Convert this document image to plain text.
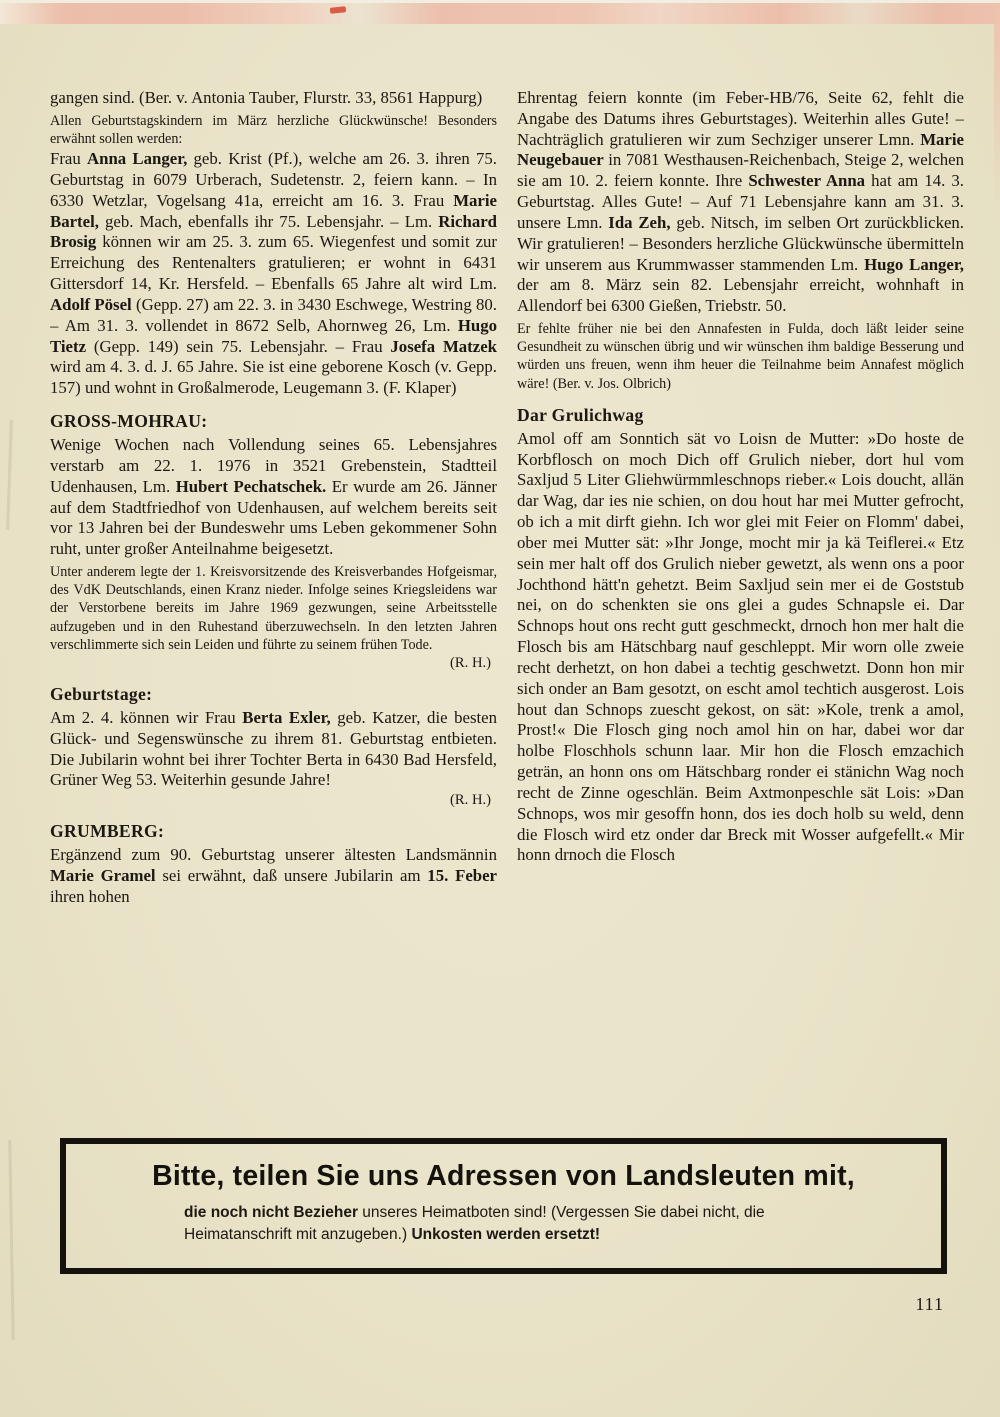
gangen sind. (Ber. v. Antonia Tauber, Flurstr. 33, 8561 Happurg)

Allen Geburtstagskindern im März herzliche Glückwünsche! Besonders erwähnt sollen werden:

Frau Anna Langer, geb. Krist (Pf.), welche am 26. 3. ihren 75. Geburtstag in 6079 Urberach, Sudetenstr. 2, feiern kann. – In 6330 Wetzlar, Vogelsang 41a, erreicht am 16. 3. Frau Marie Bartel, geb. Mach, ebenfalls ihr 75. Lebensjahr. – Lm. Richard Brosig können wir am 25. 3. zum 65. Wiegenfest und somit zur Erreichung des Rentenalters gratulieren; er wohnt in 6431 Gittersdorf 14, Kr. Hersfeld. – Ebenfalls 65 Jahre alt wird Lm. Adolf Pösel (Gepp. 27) am 22. 3. in 3430 Eschwege, Westring 80. – Am 31. 3. vollendet in 8672 Selb, Ahornweg 26, Lm. Hugo Tietz (Gepp. 149) sein 75. Lebensjahr. – Frau Josefa Matzek wird am 4. 3. d. J. 65 Jahre. Sie ist eine geborene Kosch (v. Gepp. 157) und wohnt in Großalmerode, Leugemann 3. (F. Klaper)

GROSS-MOHRAU:

Wenige Wochen nach Vollendung seines 65. Lebensjahres verstarb am 22. 1. 1976 in 3521 Grebenstein, Stadtteil Udenhausen, Lm. Hubert Pechatschek. Er wurde am 26. Jänner auf dem Stadtfriedhof von Udenhausen, auf welchem bereits seit vor 13 Jahren bei der Bundeswehr ums Leben gekommener Sohn ruht, unter großer Anteilnahme beigesetzt.

Unter anderem legte der 1. Kreisvorsitzende des Kreisverbandes Hofgeismar, des VdK Deutschlands, einen Kranz nieder. Infolge seines Kriegsleidens war der Verstorbene bereits im Jahre 1969 gezwungen, seine Arbeitsstelle aufzugeben und in den Ruhestand überzuwechseln. In den letzten Jahren verschlimmerte sich sein Leiden und führte zu seinem frühen Tode.

(R. H.)

Geburtstage:

Am 2. 4. können wir Frau Berta Exler, geb. Katzer, die besten Glück- und Segenswünsche zu ihrem 81. Geburtstag entbieten. Die Jubilarin wohnt bei ihrer Tochter Berta in 6430 Bad Hersfeld, Grüner Weg 53. Weiterhin gesunde Jahre!

(R. H.)

GRUMBERG:

Ergänzend zum 90. Geburtstag unserer ältesten Landsmännin Marie Gramel sei erwähnt, daß unsere Jubilarin am 15. Feber ihren hohen

Ehrentag feiern konnte (im Feber-HB/76, Seite 62, fehlt die Angabe des Datums ihres Geburtstages). Weiterhin alles Gute! – Nachträglich gratulieren wir zum Sechziger unserer Lmn. Marie Neugebauer in 7081 Westhausen-Reichenbach, Steige 2, welchen sie am 10. 2. feiern konnte. Ihre Schwester Anna hat am 14. 3. Geburtstag. Alles Gute! – Auf 71 Lebensjahre kann am 31. 3. unsere Lmn. Ida Zeh, geb. Nitsch, im selben Ort zurückblicken. Wir gratulieren! – Besonders herzliche Glückwünsche übermitteln wir unserem aus Krummwasser stammenden Lm. Hugo Langer, der am 8. März sein 82. Lebensjahr erreicht, wohnhaft in Allendorf bei 6300 Gießen, Triebstr. 50.

Er fehlte früher nie bei den Annafesten in Fulda, doch läßt leider seine Gesundheit zu wünschen übrig und wir wünschen ihm baldige Besserung und würden uns freuen, wenn ihm heuer die Teilnahme beim Annafest möglich wäre! (Ber. v. Jos. Olbrich)

Dar Grulichwag

Amol off am Sonntich sät vo Loisn de Mutter: »Do hoste de Korbflosch on moch Dich off Grulich nieber, dort hul vom Saxljud 5 Liter Gliehwürmmleschnops rieber.« Lois doucht, allän dar Wag, dar ies nie schien, on dou hout har mei Mutter gefrocht, ob ich a mit dirft giehn. Ich wor glei mit Feier on Flomm' dabei, ober mei Mutter sät: »Ihr Jonge, mocht mir ja kä Teiflerei.« Etz sein mer halt off dos Grulich nieber gewetzt, als wenn ons a poor Jochthond hätt'n gehetzt. Beim Saxljud sein mer ei de Goststub nei, on do schenkten sie ons glei a gudes Schnapsle ei. Dar Schnops hout ons recht gutt geschmeckt, drnoch hon mer halt die Flosch bis am Hätschbarg nauf geschleppt. Mir worn olle zweie recht derhetzt, on hon dabei a techtig geschwetzt. Donn hon mir sich onder an Bam gesotzt, on escht amol techtich ausgerost. Lois hout dan Schnops zuescht gekost, on sät: »Kole, trenk a amol, Prost!« Die Flosch ging noch amol hin on har, dabei wor dar holbe Floschhols schunn laar. Mir hon die Flosch emzachich geträn, an honn ons om Hätschbarg ronder ei stänichn Wag noch recht de Zinne ogeschlän. Beim Axtmonpeschle sät Lois: »Dan Schnops, wos mir gesoffn honn, dos ies doch holb su weld, denn die Flosch wird etz onder dar Breck mit Wosser aufgefellt.« Mir honn drnoch die Flosch

Bitte, teilen Sie uns Adressen von Landsleuten mit,

die noch nicht Bezieher unseres Heimatboten sind! (Vergessen Sie dabei nicht, die Heimatanschrift mit anzugeben.) Unkosten werden ersetzt!

111
